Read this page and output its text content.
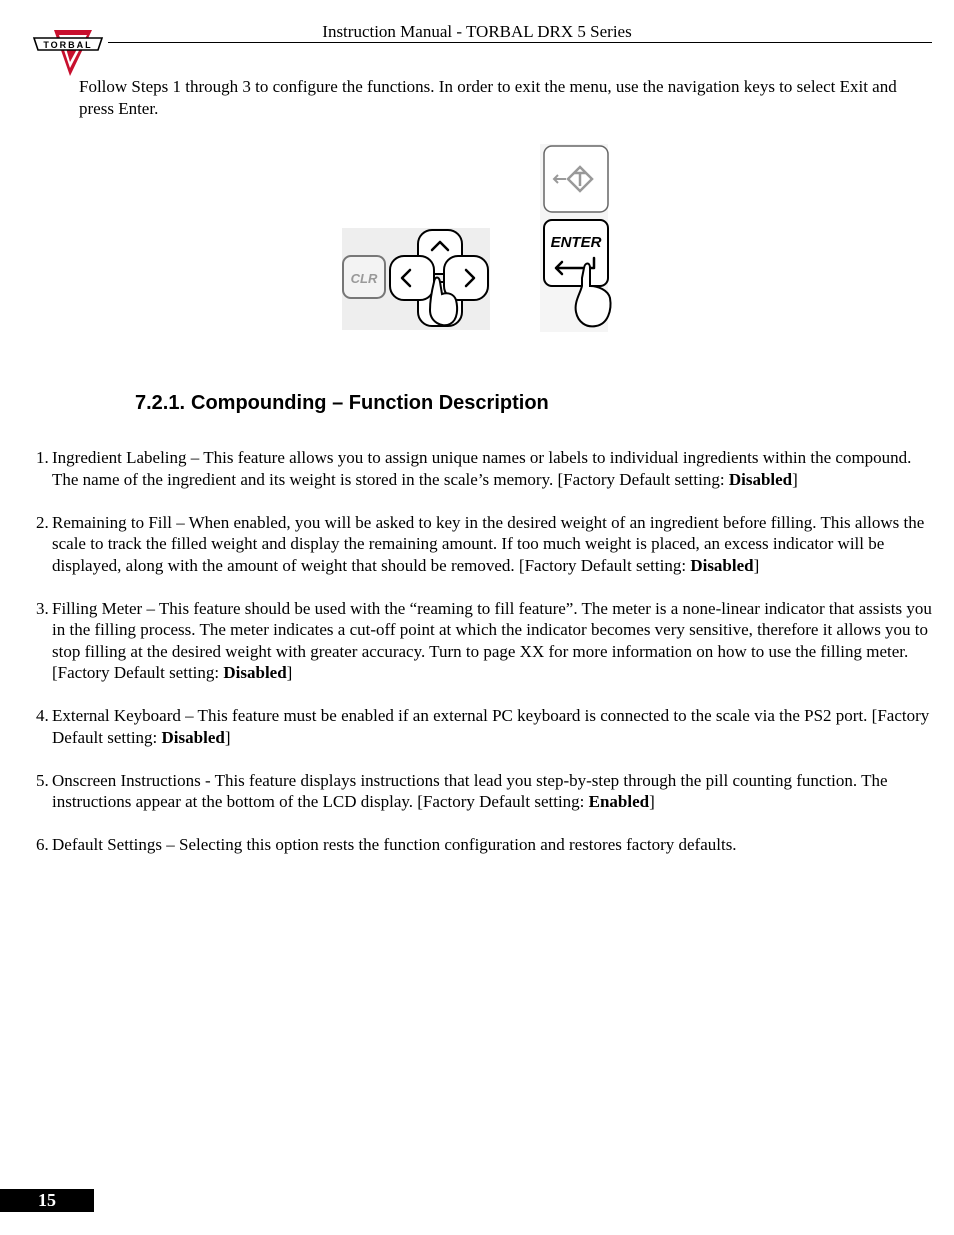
TORBAL
Instruction Manual - TORBAL DRX 5 Series
Follow Steps 1 through 3 to configure the functions. In order to exit the menu, use the navigation keys to select Exit and press Enter.
CLR
ENTER
7.2.1. Compounding – Function Description
1. Ingredient Labeling – This feature allows you to assign unique names or labels to individual ingredients within the compound. The name of the ingredient and its weight is stored in the scale’s memory. [Factory Default setting: Disabled]
2. Remaining to Fill – When enabled, you will be asked to key in the desired weight of an ingredient before filling. This allows the scale to track the filled weight and display the remaining amount. If too much weight is placed, an excess indicator will be displayed, along with the amount of weight that should be removed. [Factory Default setting: Disabled]
3. Filling Meter – This feature should be used with the “reaming to fill feature”. The meter is a none-linear indicator that assists you in the filling process. The meter indicates a cut-off point at which the indicator becomes very sensitive, therefore it allows you to stop filling at the desired weight with greater accuracy. Turn to page XX for more information on how to use the filling meter. [Factory Default setting: Disabled]
4. External Keyboard – This feature must be enabled if an external PC keyboard is connected to the scale via the PS2 port. [Factory Default setting: Disabled]
5. Onscreen Instructions - This feature displays instructions that lead you step-by-step through the pill counting function. The instructions appear at the bottom of the LCD display. [Factory Default setting: Enabled]
6. Default Settings – Selecting this option rests the function configuration and restores factory defaults.
15
